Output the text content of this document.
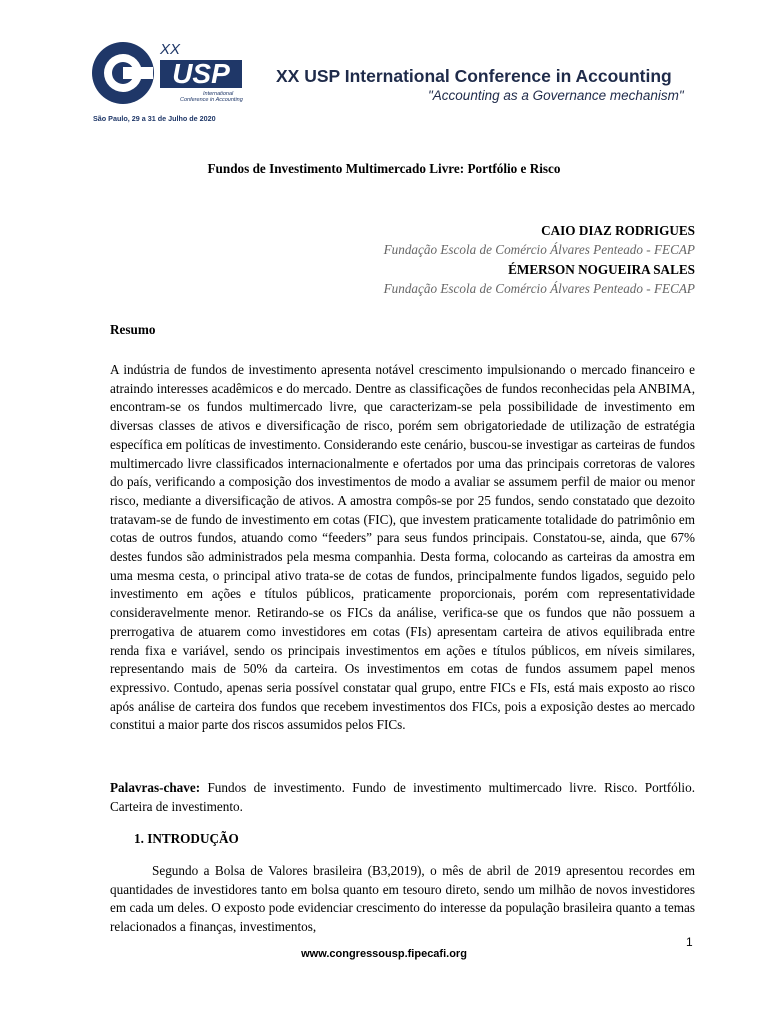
USP
XX
International
Conference in Accounting
São Paulo, 29 a 31 de Julho de 2020
XX USP International Conference in Accounting
"Accounting as a Governance mechanism"
Fundos de Investimento Multimercado Livre: Portfólio e Risco
CAIO DIAZ RODRIGUES
Fundação Escola de Comércio Álvares Penteado - FECAP
ÉMERSON NOGUEIRA SALES
Fundação Escola de Comércio Álvares Penteado - FECAP
Resumo

A indústria de fundos de investimento apresenta notável crescimento impulsionando o mercado financeiro e atraindo interesses acadêmicos e do mercado. Dentre as classificações de fundos reconhecidas pela ANBIMA, encontram-se os fundos multimercado livre, que caracterizam-se pela possibilidade de investimento em diversas classes de ativos e diversificação de risco, porém sem obrigatoriedade de utilização de estratégia específica em políticas de investimento. Considerando este cenário, buscou-se investigar as carteiras de fundos multimercado livre classificados internacionalmente e ofertados por uma das principais corretoras de valores do país, verificando a composição dos investimentos de modo a avaliar se assumem perfil de maior ou menor risco, mediante a diversificação de ativos. A amostra compôs-se por 25 fundos, sendo constatado que dezoito tratavam-se de fundo de investimento em cotas (FIC), que investem praticamente totalidade do patrimônio em cotas de outros fundos, atuando como “feeders” para seus fundos principais. Constatou-se, ainda, que 67% destes fundos são administrados pela mesma companhia. Desta forma, colocando as carteiras da amostra em uma mesma cesta, o principal ativo trata-se de cotas de fundos, principalmente fundos ligados, seguido pelo investimento em ações e títulos públicos, praticamente proporcionais, porém com representatividade consideravelmente menor. Retirando-se os FICs da análise, verifica-se que os fundos que não possuem a prerrogativa de atuarem como investidores em cotas (FIs) apresentam carteira de ativos equilibrada entre renda fixa e variável, sendo os principais investimentos em ações e títulos públicos, em níveis similares, representando mais de 50% da carteira. Os investimentos em cotas de fundos assumem papel menos expressivo. Contudo, apenas seria possível constatar qual grupo, entre FICs e FIs, está mais exposto ao risco após análise de carteira dos fundos que recebem investimentos dos FICs, pois a exposição destes ao mercado constitui a maior parte dos riscos assumidos pelos FICs.

Palavras-chave: Fundos de investimento. Fundo de investimento multimercado livre. Risco. Portfólio. Carteira de investimento.

1. INTRODUÇÃO

Segundo a Bolsa de Valores brasileira (B3,2019), o mês de abril de 2019 apresentou recordes em quantidades de investidores tanto em bolsa quanto em tesouro direto, sendo um milhão de novos investidores em cada um deles. O exposto pode evidenciar crescimento do interesse da população brasileira quanto a temas relacionados a finanças, investimentos,

1
www.congressousp.fipecafi.org
